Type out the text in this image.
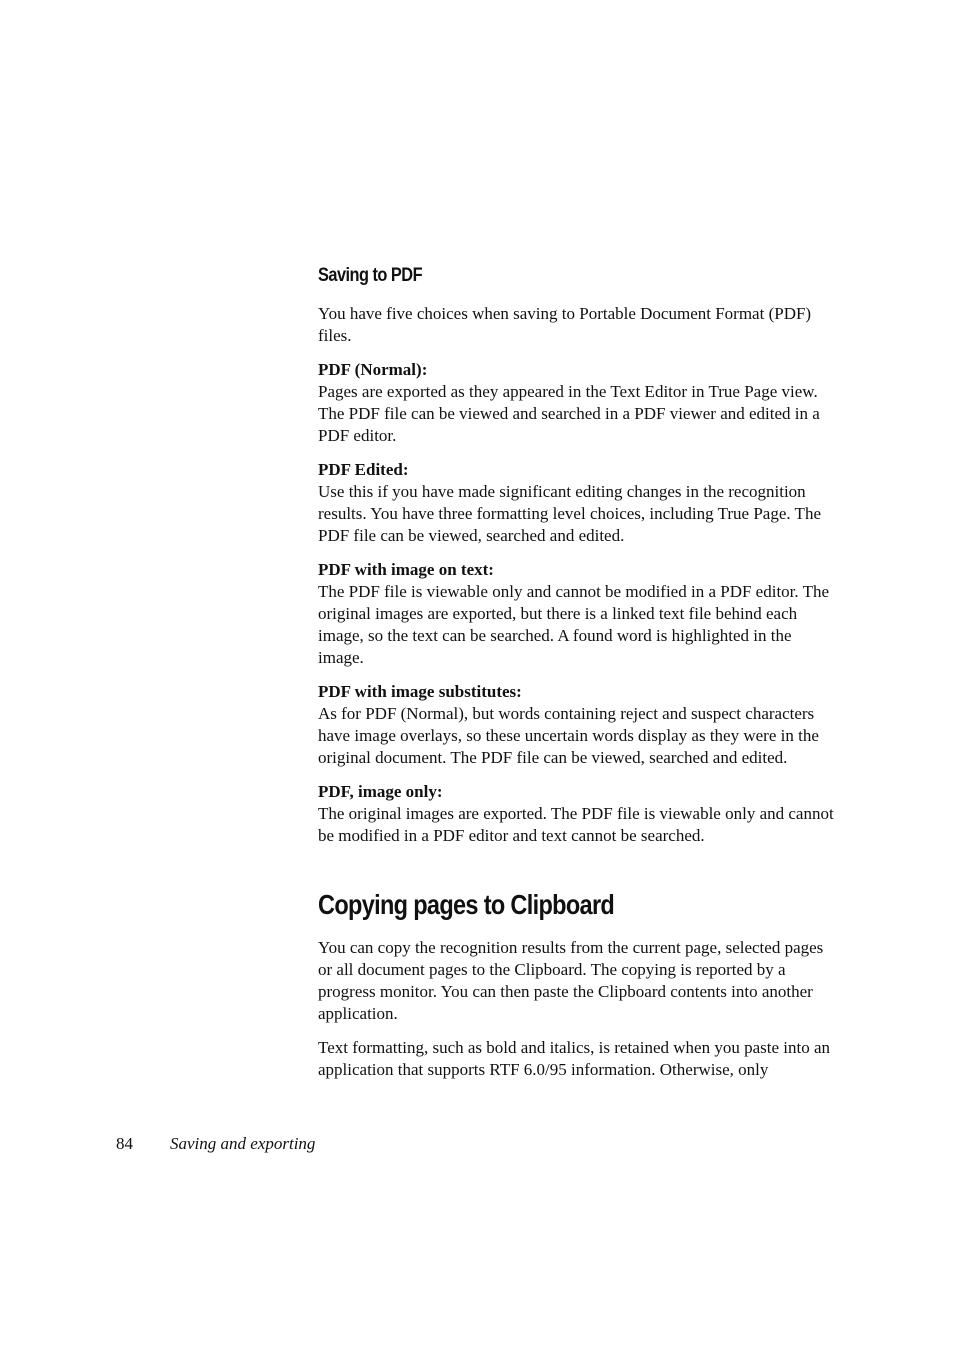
Saving to PDF

You have five choices when saving to Portable Document Format (PDF) files.

PDF (Normal):

Pages are exported as they appeared in the Text Editor in True Page view. The PDF file can be viewed and searched in a PDF viewer and edited in a PDF editor.

PDF Edited:

Use this if you have made significant editing changes in the recognition results. You have three formatting level choices, including True Page. The PDF file can be viewed, searched and edited.

PDF with image on text:

The PDF file is viewable only and cannot be modified in a PDF editor. The original images are exported, but there is a linked text file behind each image, so the text can be searched. A found word is highlighted in the image.

PDF with image substitutes:

As for PDF (Normal), but words containing reject and suspect characters have image overlays, so these uncertain words display as they were in the original document. The PDF file can be viewed, searched and edited.

PDF, image only:

The original images are exported. The PDF file is viewable only and cannot be modified in a PDF editor and text cannot be searched.

Copying pages to Clipboard

You can copy the recognition results from the current page, selected pages or all document pages to the Clipboard. The copying is reported by a progress monitor. You can then paste the Clipboard contents into another application.

Text formatting, such as bold and italics, is retained when you paste into an application that supports RTF 6.0/95 information. Otherwise, only

84 Saving and exporting
